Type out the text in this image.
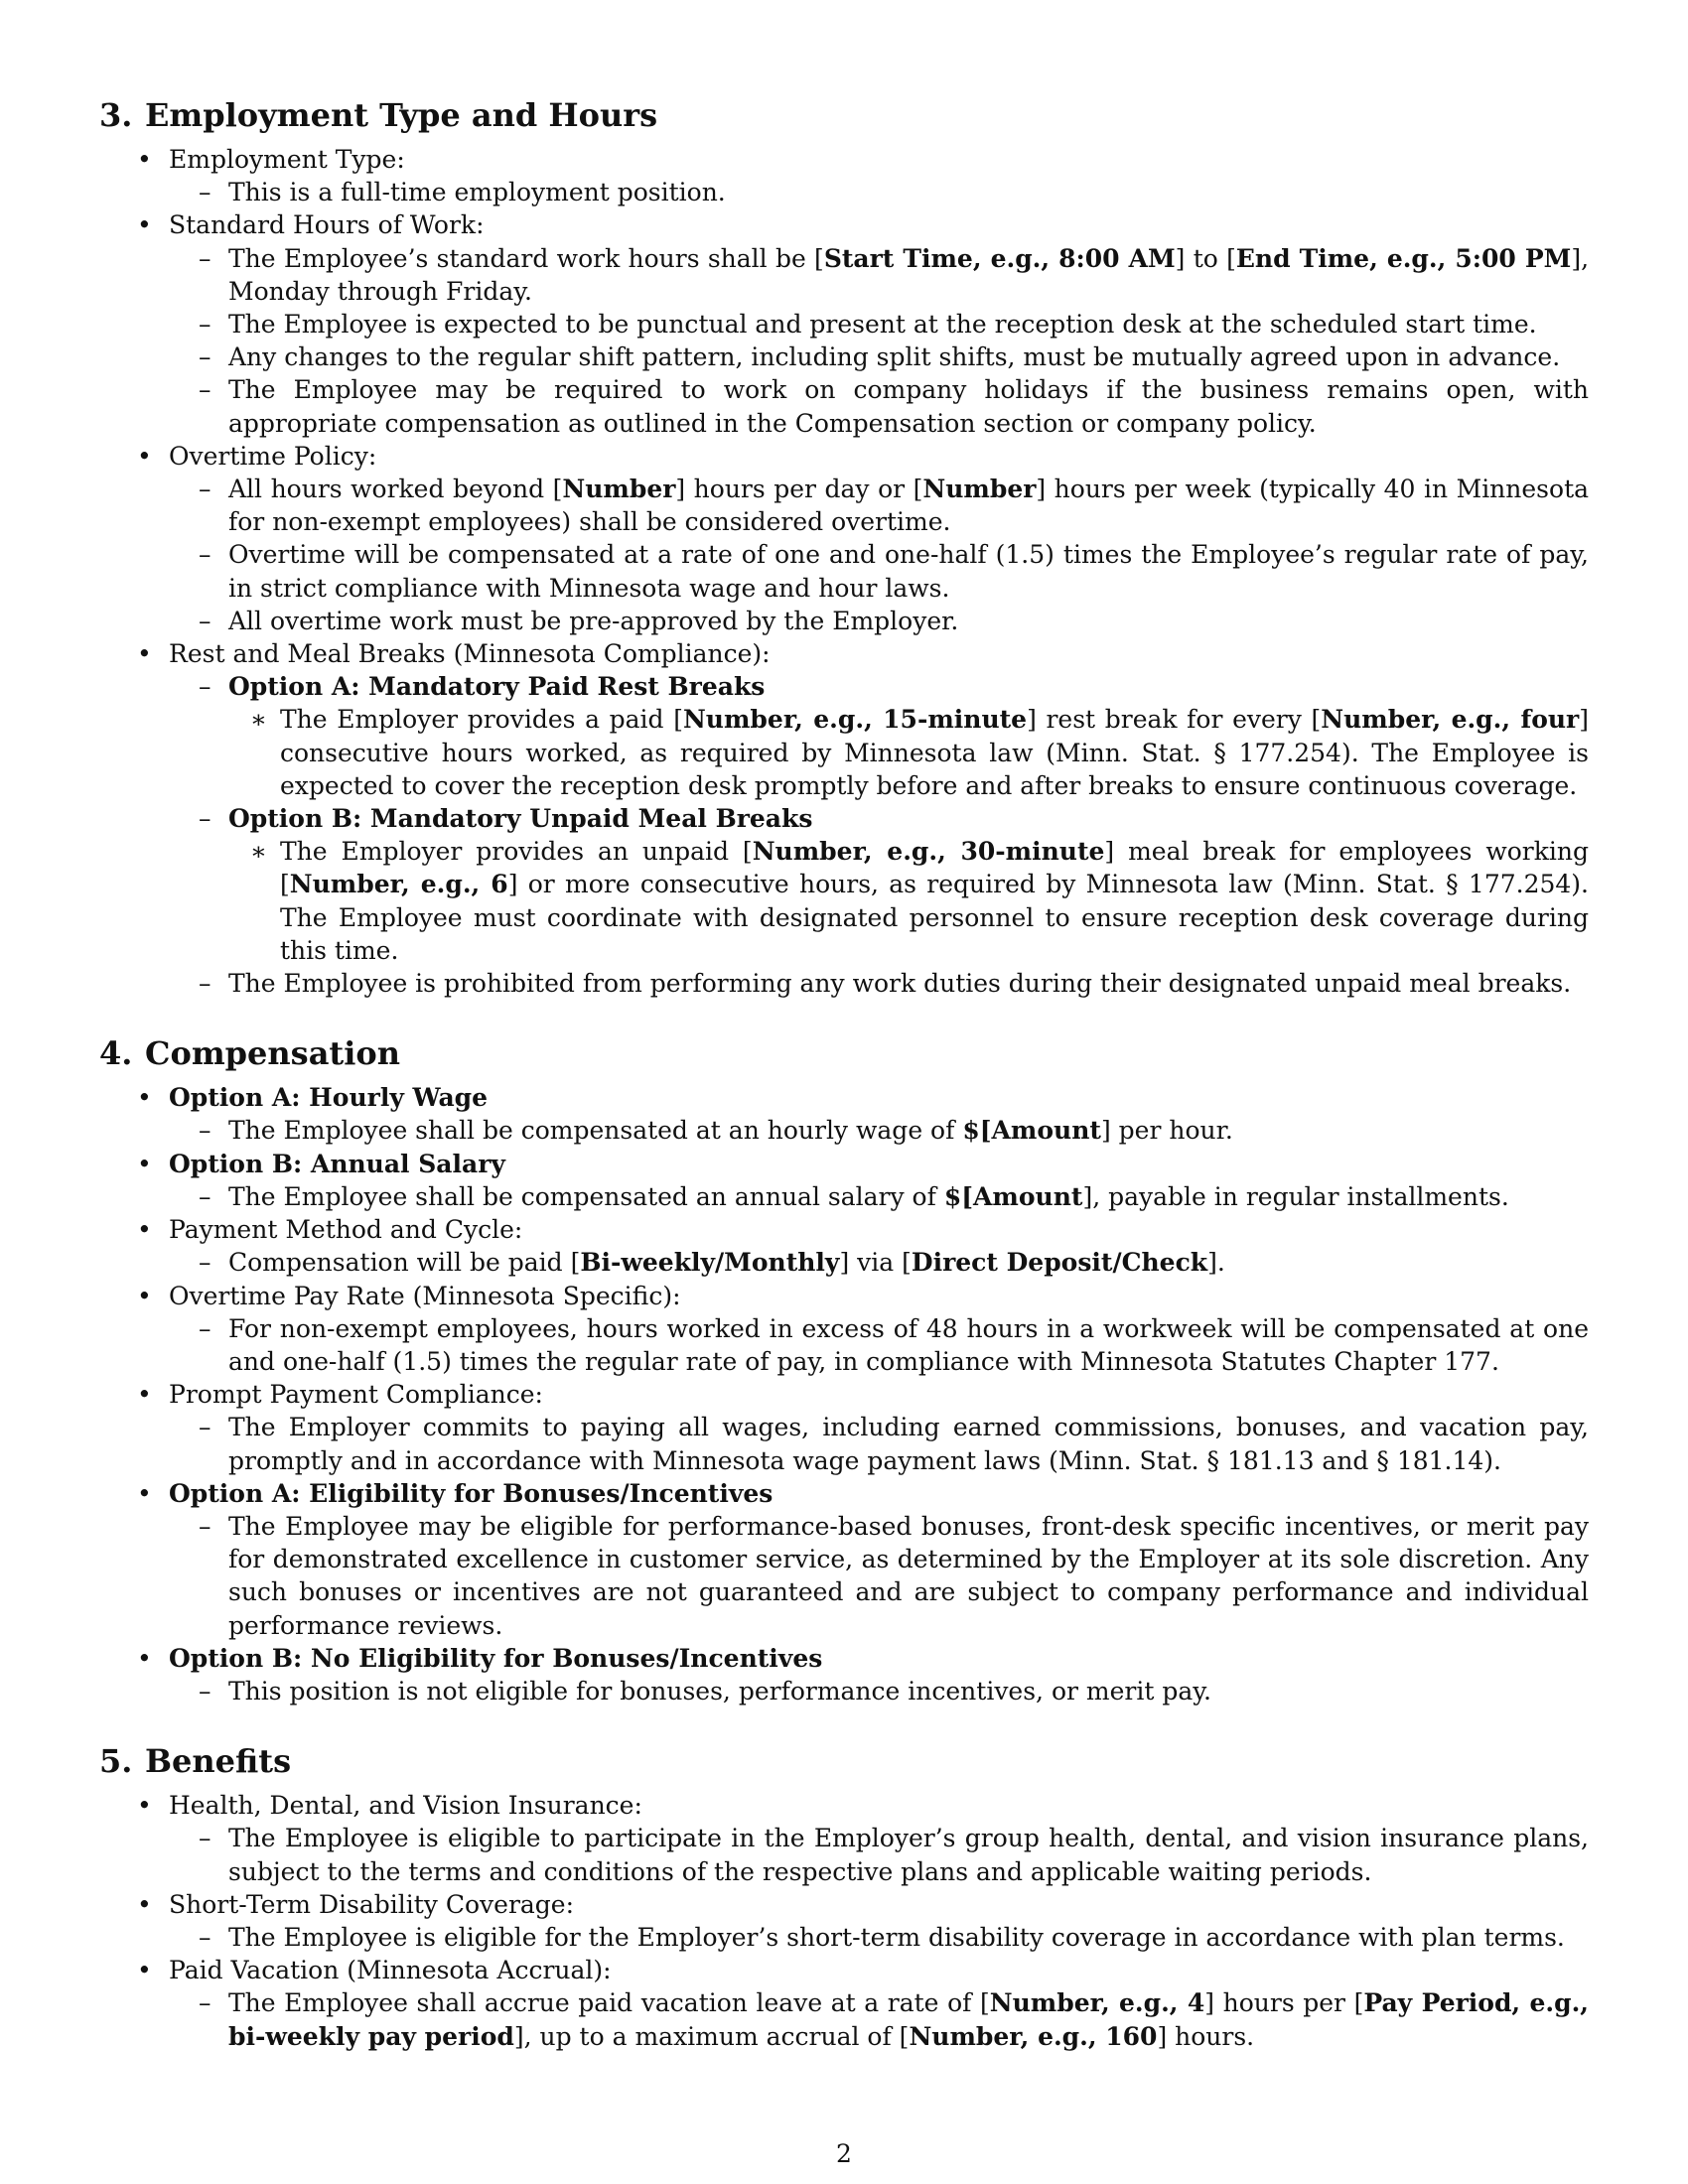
3. Employment Type and Hours

• Employment Type:

– This is a full-time employment position.

• Standard Hours of Work:

– The Employee’s standard work hours shall be [Start Time, e.g., 8:00 AM] to [End Time, e.g., 5:00 PM], Monday through Friday.

– The Employee is expected to be punctual and present at the reception desk at the scheduled start time.

– Any changes to the regular shift pattern, including split shifts, must be mutually agreed upon in advance.

– The Employee may be required to work on company holidays if the business remains open, with appropriate compensation as outlined in the Compensation section or company policy.

• Overtime Policy:

– All hours worked beyond [Number] hours per day or [Number] hours per week (typically 40 in Minnesota for non-exempt employees) shall be considered overtime.

– Overtime will be compensated at a rate of one and one-half (1.5) times the Employee’s regular rate of pay, in strict compliance with Minnesota wage and hour laws.

– All overtime work must be pre-approved by the Employer.

• Rest and Meal Breaks (Minnesota Compliance):

– Option A: Mandatory Paid Rest Breaks

∗ The Employer provides a paid [Number, e.g., 15-minute] rest break for every [Number, e.g., four] consecutive hours worked, as required by Minnesota law (Minn. Stat. § 177.254). The Employee is expected to cover the reception desk promptly before and after breaks to ensure continuous coverage.

– Option B: Mandatory Unpaid Meal Breaks

∗ The Employer provides an unpaid [Number, e.g., 30-minute] meal break for employees working [Number, e.g., 6] or more consecutive hours, as required by Minnesota law (Minn. Stat. § 177.254). The Employee must coordinate with designated personnel to ensure reception desk coverage during this time.

– The Employee is prohibited from performing any work duties during their designated unpaid meal breaks.

4. Compensation

• Option A: Hourly Wage

– The Employee shall be compensated at an hourly wage of $[Amount] per hour.

• Option B: Annual Salary

– The Employee shall be compensated an annual salary of $[Amount], payable in regular installments.

• Payment Method and Cycle:

– Compensation will be paid [Bi-weekly/Monthly] via [Direct Deposit/Check].

• Overtime Pay Rate (Minnesota Specific):

– For non-exempt employees, hours worked in excess of 48 hours in a workweek will be compensated at one and one-half (1.5) times the regular rate of pay, in compliance with Minnesota Statutes Chapter 177.

• Prompt Payment Compliance:

– The Employer commits to paying all wages, including earned commissions, bonuses, and vacation pay, promptly and in accordance with Minnesota wage payment laws (Minn. Stat. § 181.13 and § 181.14).

• Option A: Eligibility for Bonuses/Incentives

– The Employee may be eligible for performance-based bonuses, front-desk specific incentives, or merit pay for demonstrated excellence in customer service, as determined by the Employer at its sole discretion. Any such bonuses or incentives are not guaranteed and are subject to company performance and individual performance reviews.

• Option B: No Eligibility for Bonuses/Incentives

– This position is not eligible for bonuses, performance incentives, or merit pay.

5. Benefits

• Health, Dental, and Vision Insurance:

– The Employee is eligible to participate in the Employer’s group health, dental, and vision insurance plans, subject to the terms and conditions of the respective plans and applicable waiting periods.

• Short-Term Disability Coverage:

– The Employee is eligible for the Employer’s short-term disability coverage in accordance with plan terms.

• Paid Vacation (Minnesota Accrual):

– The Employee shall accrue paid vacation leave at a rate of [Number, e.g., 4] hours per [Pay Period, e.g., bi-weekly pay period], up to a maximum accrual of [Number, e.g., 160] hours.

2
